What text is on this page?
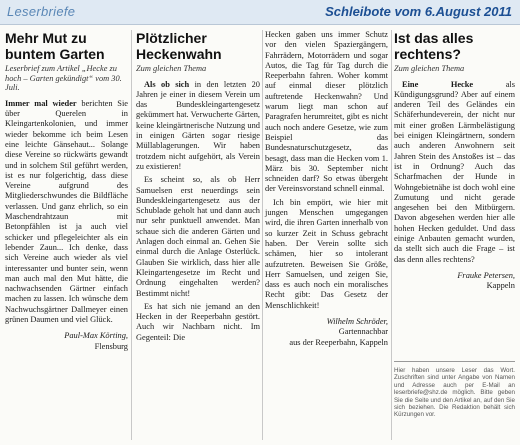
Leserbriefe	Schleibote vom 6.August 2011
Mehr Mut zu buntem Garten
Leserbrief zum Artikel „Hecke zu hoch – Garten gekündigt“ vom 30. Juli.

Immer mal wieder berichten Sie über Querelen in Kleingartenkolonien, und immer wieder bekomme ich beim Lesen eine leichte Gänsehaut... Solange diese Vereine so rückwärts gewandt und in solchem Stil geführt werden, ist es nur folgerichtig, dass diese Vereine aufgrund des Mitgliederschwundes die Bildfläche verlassen. Und ganz ehrlich, so ein Maschendrahtzaun mit Betonpfählen ist ja auch viel schicker und pflegeleichter als ein lebender Zaun... Ich denke, dass sich Vereine auch wieder als viel interessanter und bunter sein, wenn man auch mal den Mut hätte, die nachwachsenden Gärtner einfach machen zu lassen. Ich wünsche dem Nachwuchsgärtner Dallmeyer einen grünen Daumen und viel Glück.

Paul-Max Körting,
Flensburg
Plötzlicher Heckenwahn
Zum gleichen Thema

Als ob sich in den letzten 20 Jahren je einer in diesem Verein um das Bundeskleingartengesetz gekümmert hat. Verwucherte Gärten, keine kleingärtnerische Nutzung und in einigen Gärten sogar riesige Müllablagerungen. Wir haben trotzdem nicht aufgehört, als Verein zu existieren!

Es scheint so, als ob Herr Samuelsen erst neuerdings sein Bundeskleingartengesetz aus der Schublade geholt hat und dann auch nur sehr punktuell anwendet. Man schaue sich die anderen Gärten und Anlagen doch einmal an. Gehen Sie einmal durch die Anlage Osterlück. Glauben Sie wirklich, dass hier alle Kleingartengesetze im Recht und Ordnung eingehalten werden? Bestimmt nicht!

Es hat sich nie jemand an den Hecken in der Reeperbahn gestört. Auch wir Nachbarn nicht. Im Gegenteil: Die

Hecken gaben uns immer Schutz vor den vielen Spaziergängern, Fahrrädern, Motorrädern und sogar Autos, die Tag für Tag durch die Reeperbahn fahren. Woher kommt auf einmal dieser plötzlich auftretende Heckenwahn? Und warum liegt man schon auf Paragrafen herumreitet, gibt es nicht auch noch andere Gesetze, wie zum Beispiel das Bundesnaturschutzgesetz, das besagt, dass man die Hecken vom 1. März bis 30. September nicht schneiden darf? So etwas übergeht der Vereinsvorstand schnell einmal.

Ich bin empört, wie hier mit jungen Menschen umgegangen wird, die ihren Garten innerhalb von so kurzer Zeit in Schuss gebracht haben. Der Verein sollte sich schämen, hier so intolerant aufzutreten. Beweisen Sie Größe, Herr Samuelsen, und zeigen Sie, dass es auch noch ein moralisches Recht gibt: Das Gesetz der Menschlichkeit!

Wilhelm Schröder,
Gartennachbar
aus der Reeperbahn, Kappeln
Ist das alles rechtens?
Zum gleichen Thema

Eine Hecke	als Kündigungsgrund? Aber auf einem anderen Teil des Geländes ein Schäferhundeverein, der nicht nur mit einer großen Lärmbelästigung bei einigen Kleingärtnern, sondern auch anderen Anwohnern seit Jahren Stein des Anstoßes ist – das ist in Ordnung? Auch das Scharfmachen der Hunde in Wohngebietnähe ist doch wohl eine Zumutung und nicht gerade angesehen bei den Mitbürgern. Davon abgesehen werden hier alle hohen Hecken geduldet. Und dass einige Anbauten gemacht wurden, da stellt sich auch die Frage – ist das denn alles rechtens?

Frauke Petersen,
Kappeln
Hier haben unsere Leser das Wort. Zuschriften sind unter Angabe von Namen und Adresse auch per E-Mail an leserbriefe@shz.de möglich. Bitte geben Sie die Seite und den Artikel an, auf den Sie sich beziehen. Die Redaktion behält sich Kürzungen vor.
